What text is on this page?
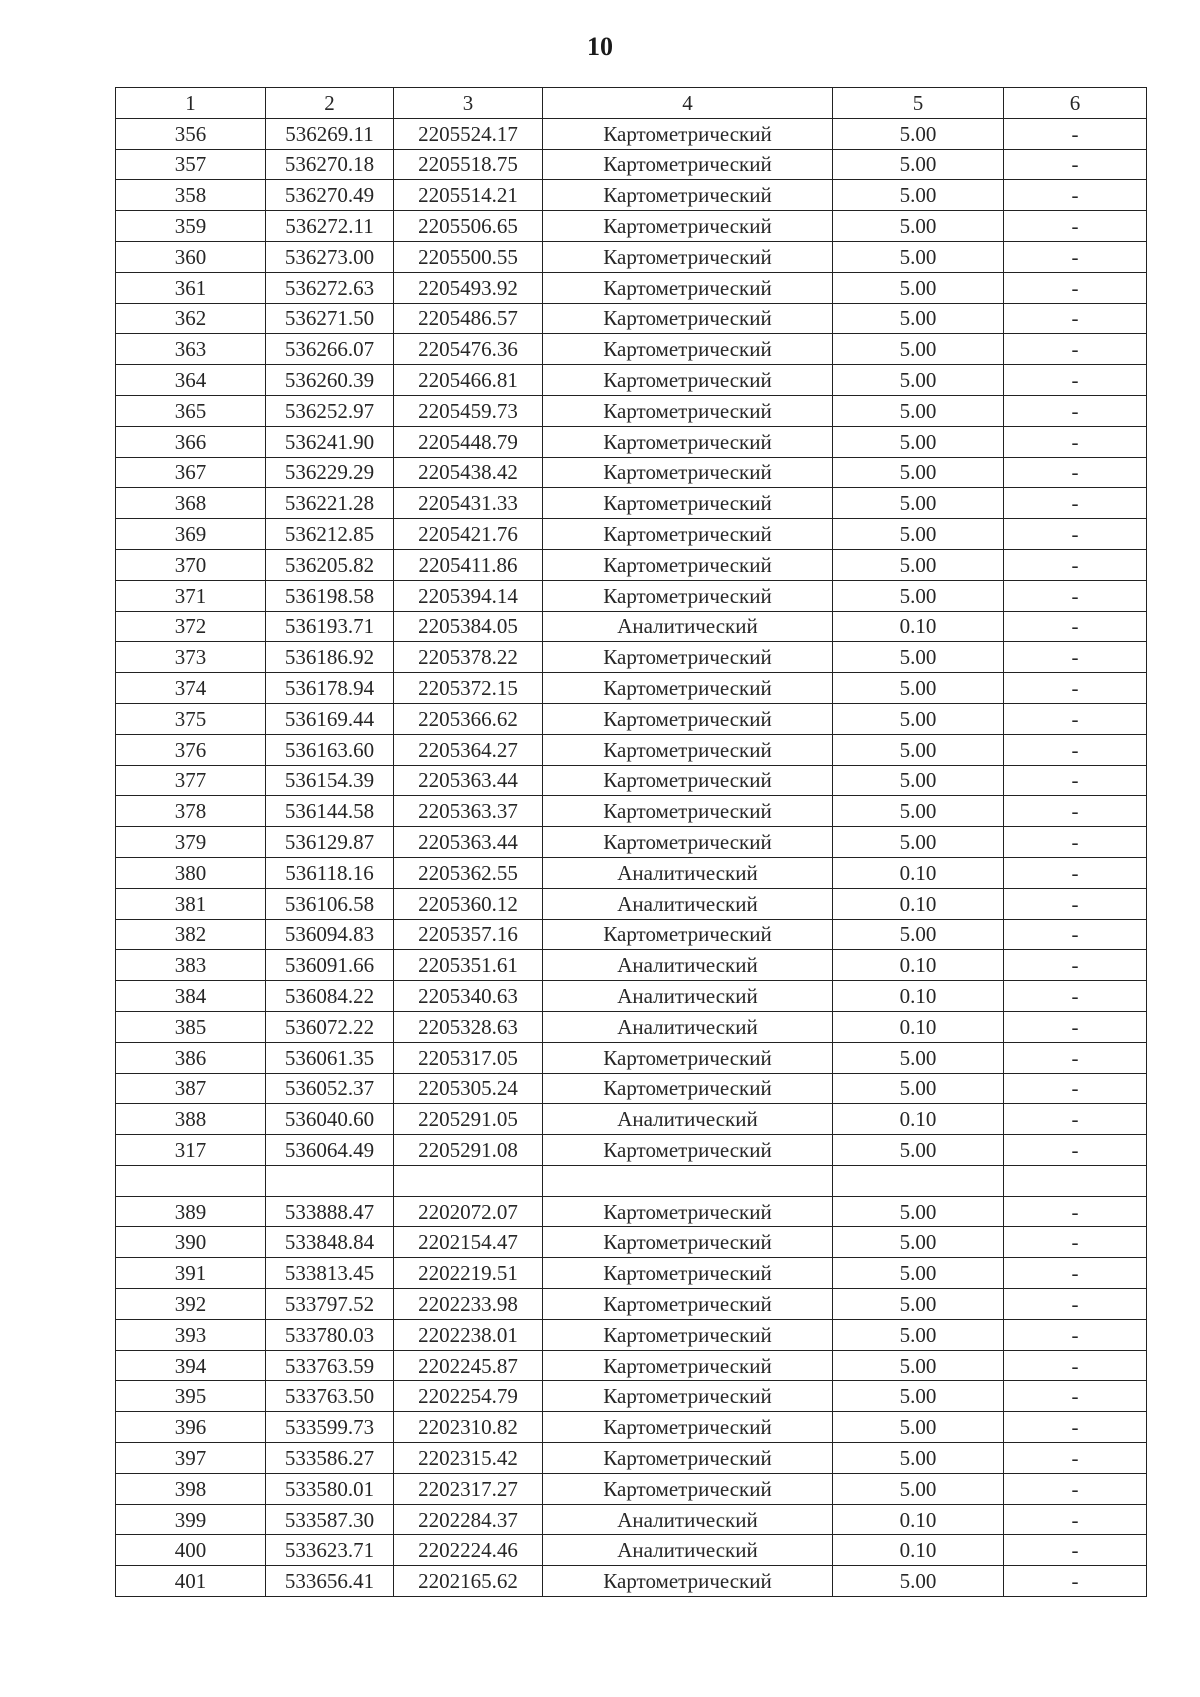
10
1	2	3	4	5	6
356	536269.11	2205524.17	Картометрический	5.00	-
357	536270.18	2205518.75	Картометрический	5.00	-
358	536270.49	2205514.21	Картометрический	5.00	-
359	536272.11	2205506.65	Картометрический	5.00	-
360	536273.00	2205500.55	Картометрический	5.00	-
361	536272.63	2205493.92	Картометрический	5.00	-
362	536271.50	2205486.57	Картометрический	5.00	-
363	536266.07	2205476.36	Картометрический	5.00	-
364	536260.39	2205466.81	Картометрический	5.00	-
365	536252.97	2205459.73	Картометрический	5.00	-
366	536241.90	2205448.79	Картометрический	5.00	-
367	536229.29	2205438.42	Картометрический	5.00	-
368	536221.28	2205431.33	Картометрический	5.00	-
369	536212.85	2205421.76	Картометрический	5.00	-
370	536205.82	2205411.86	Картометрический	5.00	-
371	536198.58	2205394.14	Картометрический	5.00	-
372	536193.71	2205384.05	Аналитический	0.10	-
373	536186.92	2205378.22	Картометрический	5.00	-
374	536178.94	2205372.15	Картометрический	5.00	-
375	536169.44	2205366.62	Картометрический	5.00	-
376	536163.60	2205364.27	Картометрический	5.00	-
377	536154.39	2205363.44	Картометрический	5.00	-
378	536144.58	2205363.37	Картометрический	5.00	-
379	536129.87	2205363.44	Картометрический	5.00	-
380	536118.16	2205362.55	Аналитический	0.10	-
381	536106.58	2205360.12	Аналитический	0.10	-
382	536094.83	2205357.16	Картометрический	5.00	-
383	536091.66	2205351.61	Аналитический	0.10	-
384	536084.22	2205340.63	Аналитический	0.10	-
385	536072.22	2205328.63	Аналитический	0.10	-
386	536061.35	2205317.05	Картометрический	5.00	-
387	536052.37	2205305.24	Картометрический	5.00	-
388	536040.60	2205291.05	Аналитический	0.10	-
317	536064.49	2205291.08	Картометрический	5.00	-

389	533888.47	2202072.07	Картометрический	5.00	-
390	533848.84	2202154.47	Картометрический	5.00	-
391	533813.45	2202219.51	Картометрический	5.00	-
392	533797.52	2202233.98	Картометрический	5.00	-
393	533780.03	2202238.01	Картометрический	5.00	-
394	533763.59	2202245.87	Картометрический	5.00	-
395	533763.50	2202254.79	Картометрический	5.00	-
396	533599.73	2202310.82	Картометрический	5.00	-
397	533586.27	2202315.42	Картометрический	5.00	-
398	533580.01	2202317.27	Картометрический	5.00	-
399	533587.30	2202284.37	Аналитический	0.10	-
400	533623.71	2202224.46	Аналитический	0.10	-
401	533656.41	2202165.62	Картометрический	5.00	-
